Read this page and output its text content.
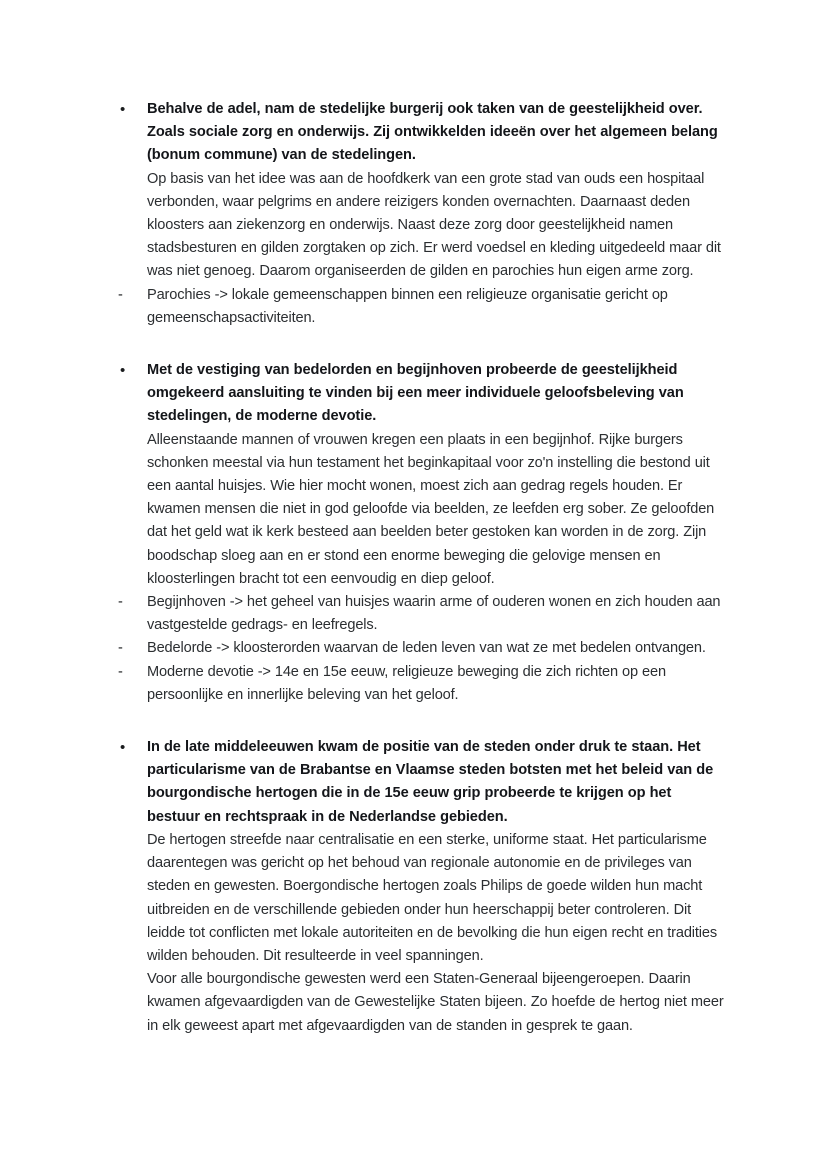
•	Behalve de adel, nam de stedelijke burgerij ook taken van de geestelijkheid over. Zoals sociale zorg en onderwijs. Zij ontwikkelden ideeën over het algemeen belang (bonum commune) van de stedelingen.

Op basis van het idee was aan de hoofdkerk van een grote stad van ouds een hospitaal verbonden, waar pelgrims en andere reizigers konden overnachten. Daarnaast deden kloosters aan ziekenzorg en onderwijs. Naast deze zorg door geestelijkheid namen stadsbesturen en gilden zorgtaken op zich. Er werd voedsel en kleding uitgedeeld maar dit was niet genoeg. Daarom organiseerden de gilden en parochies hun eigen arme zorg.

-	Parochies -> lokale gemeenschappen binnen een religieuze organisatie gericht op gemeenschapsactiviteiten.

•	Met de vestiging van bedelorden en begijnhoven probeerde de geestelijkheid omgekeerd aansluiting te vinden bij een meer individuele geloofsbeleving van stedelingen, de moderne devotie.

Alleenstaande mannen of vrouwen kregen een plaats in een begijnhof. Rijke burgers schonken meestal via hun testament het beginkapitaal voor zo'n instelling die bestond uit een aantal huisjes. Wie hier mocht wonen, moest zich aan gedrag regels houden. Er kwamen mensen die niet in god geloofde via beelden, ze leefden erg sober. Ze geloofden dat het geld wat ik kerk besteed aan beelden beter gestoken kan worden in de zorg. Zijn boodschap sloeg aan en er stond een enorme beweging die gelovige mensen en kloosterlingen bracht tot een eenvoudig en diep geloof.

-	Begijnhoven -> het geheel van huisjes waarin arme of ouderen wonen en zich houden aan vastgestelde gedrags- en leefregels.

-	Bedelorde -> kloosterorden waarvan de leden leven van wat ze met bedelen ontvangen.

-	Moderne devotie -> 14e en 15e eeuw, religieuze beweging die zich richten op een persoonlijke en innerlijke beleving van het geloof.

•	In de late middeleeuwen kwam de positie van de steden onder druk te staan. Het particularisme van de Brabantse en Vlaamse steden botsten met het beleid van de bourgondische hertogen die in de 15e eeuw grip probeerde te krijgen op het bestuur en rechtspraak in de Nederlandse gebieden.

De hertogen streefde naar centralisatie en een sterke, uniforme staat. Het particularisme daarentegen was gericht op het behoud van regionale autonomie en de privileges van steden en gewesten. Boergondische hertogen zoals Philips de goede wilden hun macht uitbreiden en de verschillende gebieden onder hun heerschappij beter controleren. Dit leidde tot conflicten met lokale autoriteiten en de bevolking die hun eigen recht en tradities wilden behouden. Dit resulteerde in veel spanningen.

Voor alle bourgondische gewesten werd een Staten-Generaal bijeengeroepen. Daarin kwamen afgevaardigden van de Gewestelijke Staten bijeen. Zo hoefde de hertog niet meer in elk geweest apart met afgevaardigden van de standen in gesprek te gaan.
